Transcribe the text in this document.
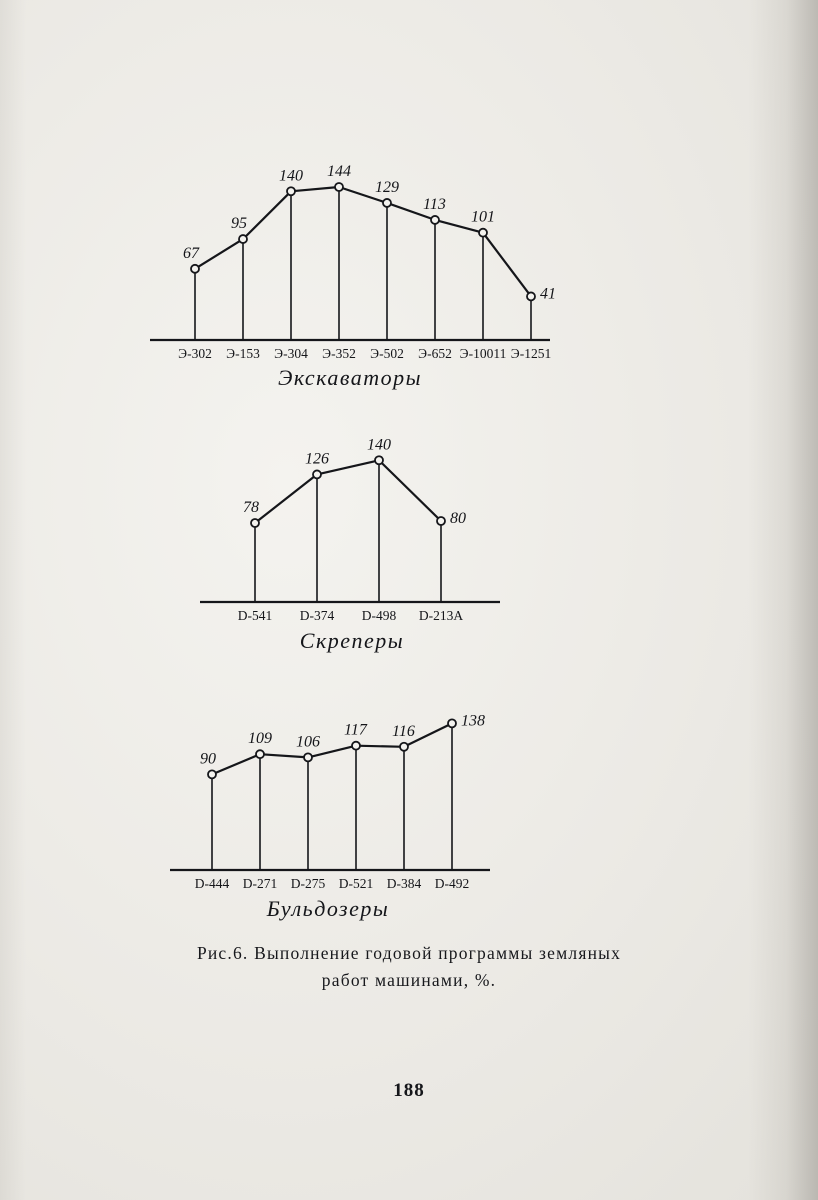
67
95
140 144
129
113
101
41
Э-302 Э-153 Э-304 Э-352 Э-502 Э-652 Э-10011 Э-1251
Экскаваторы
78
126
140
80
D-541 D-374 D-498 D-213A
Скреперы
90
109 106
117 116
138
D-444 D-271 D-275 D-521 D-384 D-492
Бульдозеры
Рис.6. Выполнение годовой программы земляных
работ машинами, %.
188
